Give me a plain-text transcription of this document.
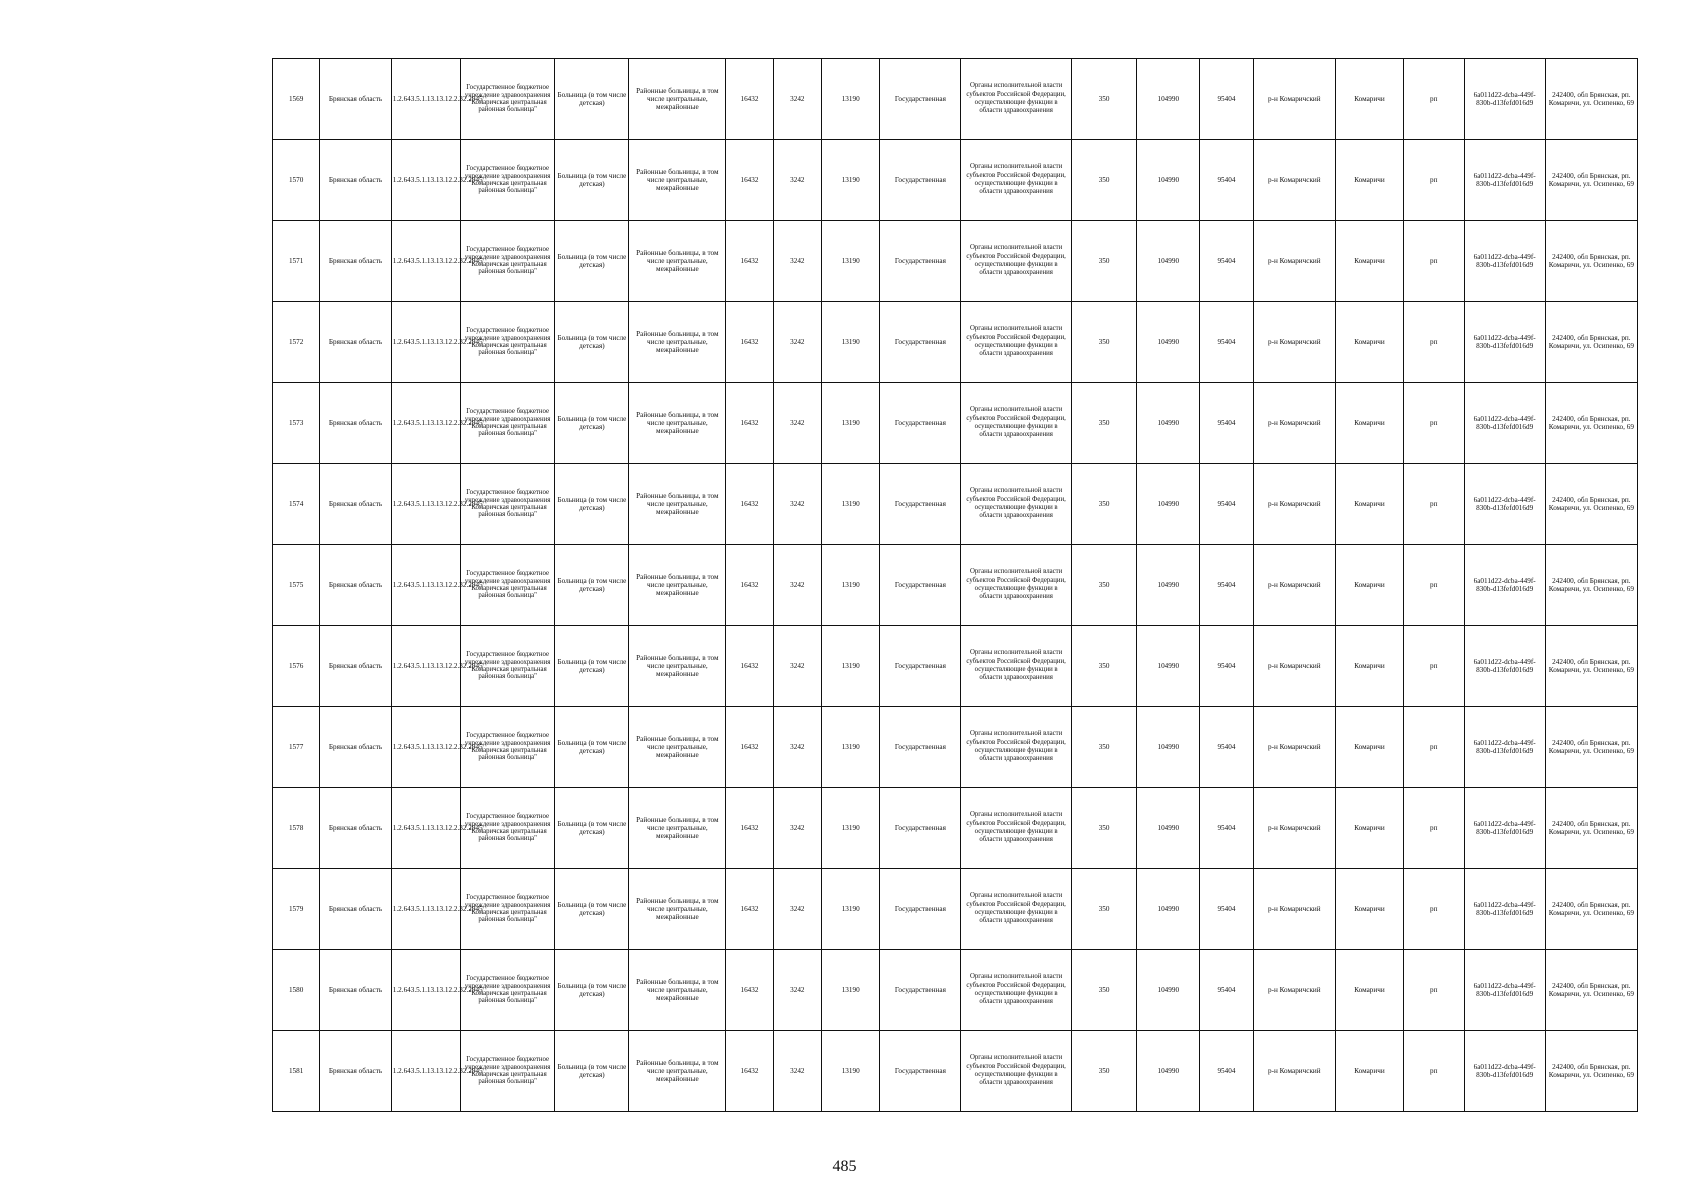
1569	Брянская область	1.2.643.5.1.13.13.12.2.32.2945	Государственное бюджетное учреждение здравоохранения "Комаричская центральная районная больница"	Больница (в том числе детская)	Районные больницы, в том числе центральные, межрайонные	16432	3242	13190	Государственная	Органы исполнительной власти субъектов Российской Федерации, осуществляющие функции в области здравоохранения	350	104990	95404	р-н Комаричский	Комаричи	рп	6a011d22-dcba-449f-830b-d13fefd016d9	242400, обл Брянская, рп. Комаричи, ул. Осипенко, 69
1570	Брянская область	1.2.643.5.1.13.13.12.2.32.2945	Государственное бюджетное учреждение здравоохранения "Комаричская центральная районная больница"	Больница (в том числе детская)	Районные больницы, в том числе центральные, межрайонные	16432	3242	13190	Государственная	Органы исполнительной власти субъектов Российской Федерации, осуществляющие функции в области здравоохранения	350	104990	95404	р-н Комаричский	Комаричи	рп	6a011d22-dcba-449f-830b-d13fefd016d9	242400, обл Брянская, рп. Комаричи, ул. Осипенко, 69
1571	Брянская область	1.2.643.5.1.13.13.12.2.32.2945	Государственное бюджетное учреждение здравоохранения "Комаричская центральная районная больница"	Больница (в том числе детская)	Районные больницы, в том числе центральные, межрайонные	16432	3242	13190	Государственная	Органы исполнительной власти субъектов Российской Федерации, осуществляющие функции в области здравоохранения	350	104990	95404	р-н Комаричский	Комаричи	рп	6a011d22-dcba-449f-830b-d13fefd016d9	242400, обл Брянская, рп. Комаричи, ул. Осипенко, 69
1572	Брянская область	1.2.643.5.1.13.13.12.2.32.2945	Государственное бюджетное учреждение здравоохранения "Комаричская центральная районная больница"	Больница (в том числе детская)	Районные больницы, в том числе центральные, межрайонные	16432	3242	13190	Государственная	Органы исполнительной власти субъектов Российской Федерации, осуществляющие функции в области здравоохранения	350	104990	95404	р-н Комаричский	Комаричи	рп	6a011d22-dcba-449f-830b-d13fefd016d9	242400, обл Брянская, рп. Комаричи, ул. Осипенко, 69
1573	Брянская область	1.2.643.5.1.13.13.12.2.32.2945	Государственное бюджетное учреждение здравоохранения "Комаричская центральная районная больница"	Больница (в том числе детская)	Районные больницы, в том числе центральные, межрайонные	16432	3242	13190	Государственная	Органы исполнительной власти субъектов Российской Федерации, осуществляющие функции в области здравоохранения	350	104990	95404	р-н Комаричский	Комаричи	рп	6a011d22-dcba-449f-830b-d13fefd016d9	242400, обл Брянская, рп. Комаричи, ул. Осипенко, 69
1574	Брянская область	1.2.643.5.1.13.13.12.2.32.2945	Государственное бюджетное учреждение здравоохранения "Комаричская центральная районная больница"	Больница (в том числе детская)	Районные больницы, в том числе центральные, межрайонные	16432	3242	13190	Государственная	Органы исполнительной власти субъектов Российской Федерации, осуществляющие функции в области здравоохранения	350	104990	95404	р-н Комаричский	Комаричи	рп	6a011d22-dcba-449f-830b-d13fefd016d9	242400, обл Брянская, рп. Комаричи, ул. Осипенко, 69
1575	Брянская область	1.2.643.5.1.13.13.12.2.32.2945	Государственное бюджетное учреждение здравоохранения "Комаричская центральная районная больница"	Больница (в том числе детская)	Районные больницы, в том числе центральные, межрайонные	16432	3242	13190	Государственная	Органы исполнительной власти субъектов Российской Федерации, осуществляющие функции в области здравоохранения	350	104990	95404	р-н Комаричский	Комаричи	рп	6a011d22-dcba-449f-830b-d13fefd016d9	242400, обл Брянская, рп. Комаричи, ул. Осипенко, 69
1576	Брянская область	1.2.643.5.1.13.13.12.2.32.2945	Государственное бюджетное учреждение здравоохранения "Комаричская центральная районная больница"	Больница (в том числе детская)	Районные больницы, в том числе центральные, межрайонные	16432	3242	13190	Государственная	Органы исполнительной власти субъектов Российской Федерации, осуществляющие функции в области здравоохранения	350	104990	95404	р-н Комаричский	Комаричи	рп	6a011d22-dcba-449f-830b-d13fefd016d9	242400, обл Брянская, рп. Комаричи, ул. Осипенко, 69
1577	Брянская область	1.2.643.5.1.13.13.12.2.32.2945	Государственное бюджетное учреждение здравоохранения "Комаричская центральная районная больница"	Больница (в том числе детская)	Районные больницы, в том числе центральные, межрайонные	16432	3242	13190	Государственная	Органы исполнительной власти субъектов Российской Федерации, осуществляющие функции в области здравоохранения	350	104990	95404	р-н Комаричский	Комаричи	рп	6a011d22-dcba-449f-830b-d13fefd016d9	242400, обл Брянская, рп. Комаричи, ул. Осипенко, 69
1578	Брянская область	1.2.643.5.1.13.13.12.2.32.2945	Государственное бюджетное учреждение здравоохранения "Комаричская центральная районная больница"	Больница (в том числе детская)	Районные больницы, в том числе центральные, межрайонные	16432	3242	13190	Государственная	Органы исполнительной власти субъектов Российской Федерации, осуществляющие функции в области здравоохранения	350	104990	95404	р-н Комаричский	Комаричи	рп	6a011d22-dcba-449f-830b-d13fefd016d9	242400, обл Брянская, рп. Комаричи, ул. Осипенко, 69
1579	Брянская область	1.2.643.5.1.13.13.12.2.32.2945	Государственное бюджетное учреждение здравоохранения "Комаричская центральная районная больница"	Больница (в том числе детская)	Районные больницы, в том числе центральные, межрайонные	16432	3242	13190	Государственная	Органы исполнительной власти субъектов Российской Федерации, осуществляющие функции в области здравоохранения	350	104990	95404	р-н Комаричский	Комаричи	рп	6a011d22-dcba-449f-830b-d13fefd016d9	242400, обл Брянская, рп. Комаричи, ул. Осипенко, 69
1580	Брянская область	1.2.643.5.1.13.13.12.2.32.2945	Государственное бюджетное учреждение здравоохранения "Комаричская центральная районная больница"	Больница (в том числе детская)	Районные больницы, в том числе центральные, межрайонные	16432	3242	13190	Государственная	Органы исполнительной власти субъектов Российской Федерации, осуществляющие функции в области здравоохранения	350	104990	95404	р-н Комаричский	Комаричи	рп	6a011d22-dcba-449f-830b-d13fefd016d9	242400, обл Брянская, рп. Комаричи, ул. Осипенко, 69
1581	Брянская область	1.2.643.5.1.13.13.12.2.32.2945	Государственное бюджетное учреждение здравоохранения "Комаричская центральная районная больница"	Больница (в том числе детская)	Районные больницы, в том числе центральные, межрайонные	16432	3242	13190	Государственная	Органы исполнительной власти субъектов Российской Федерации, осуществляющие функции в области здравоохранения	350	104990	95404	р-н Комаричский	Комаричи	рп	6a011d22-dcba-449f-830b-d13fefd016d9	242400, обл Брянская, рп. Комаричи, ул. Осипенко, 69
485
